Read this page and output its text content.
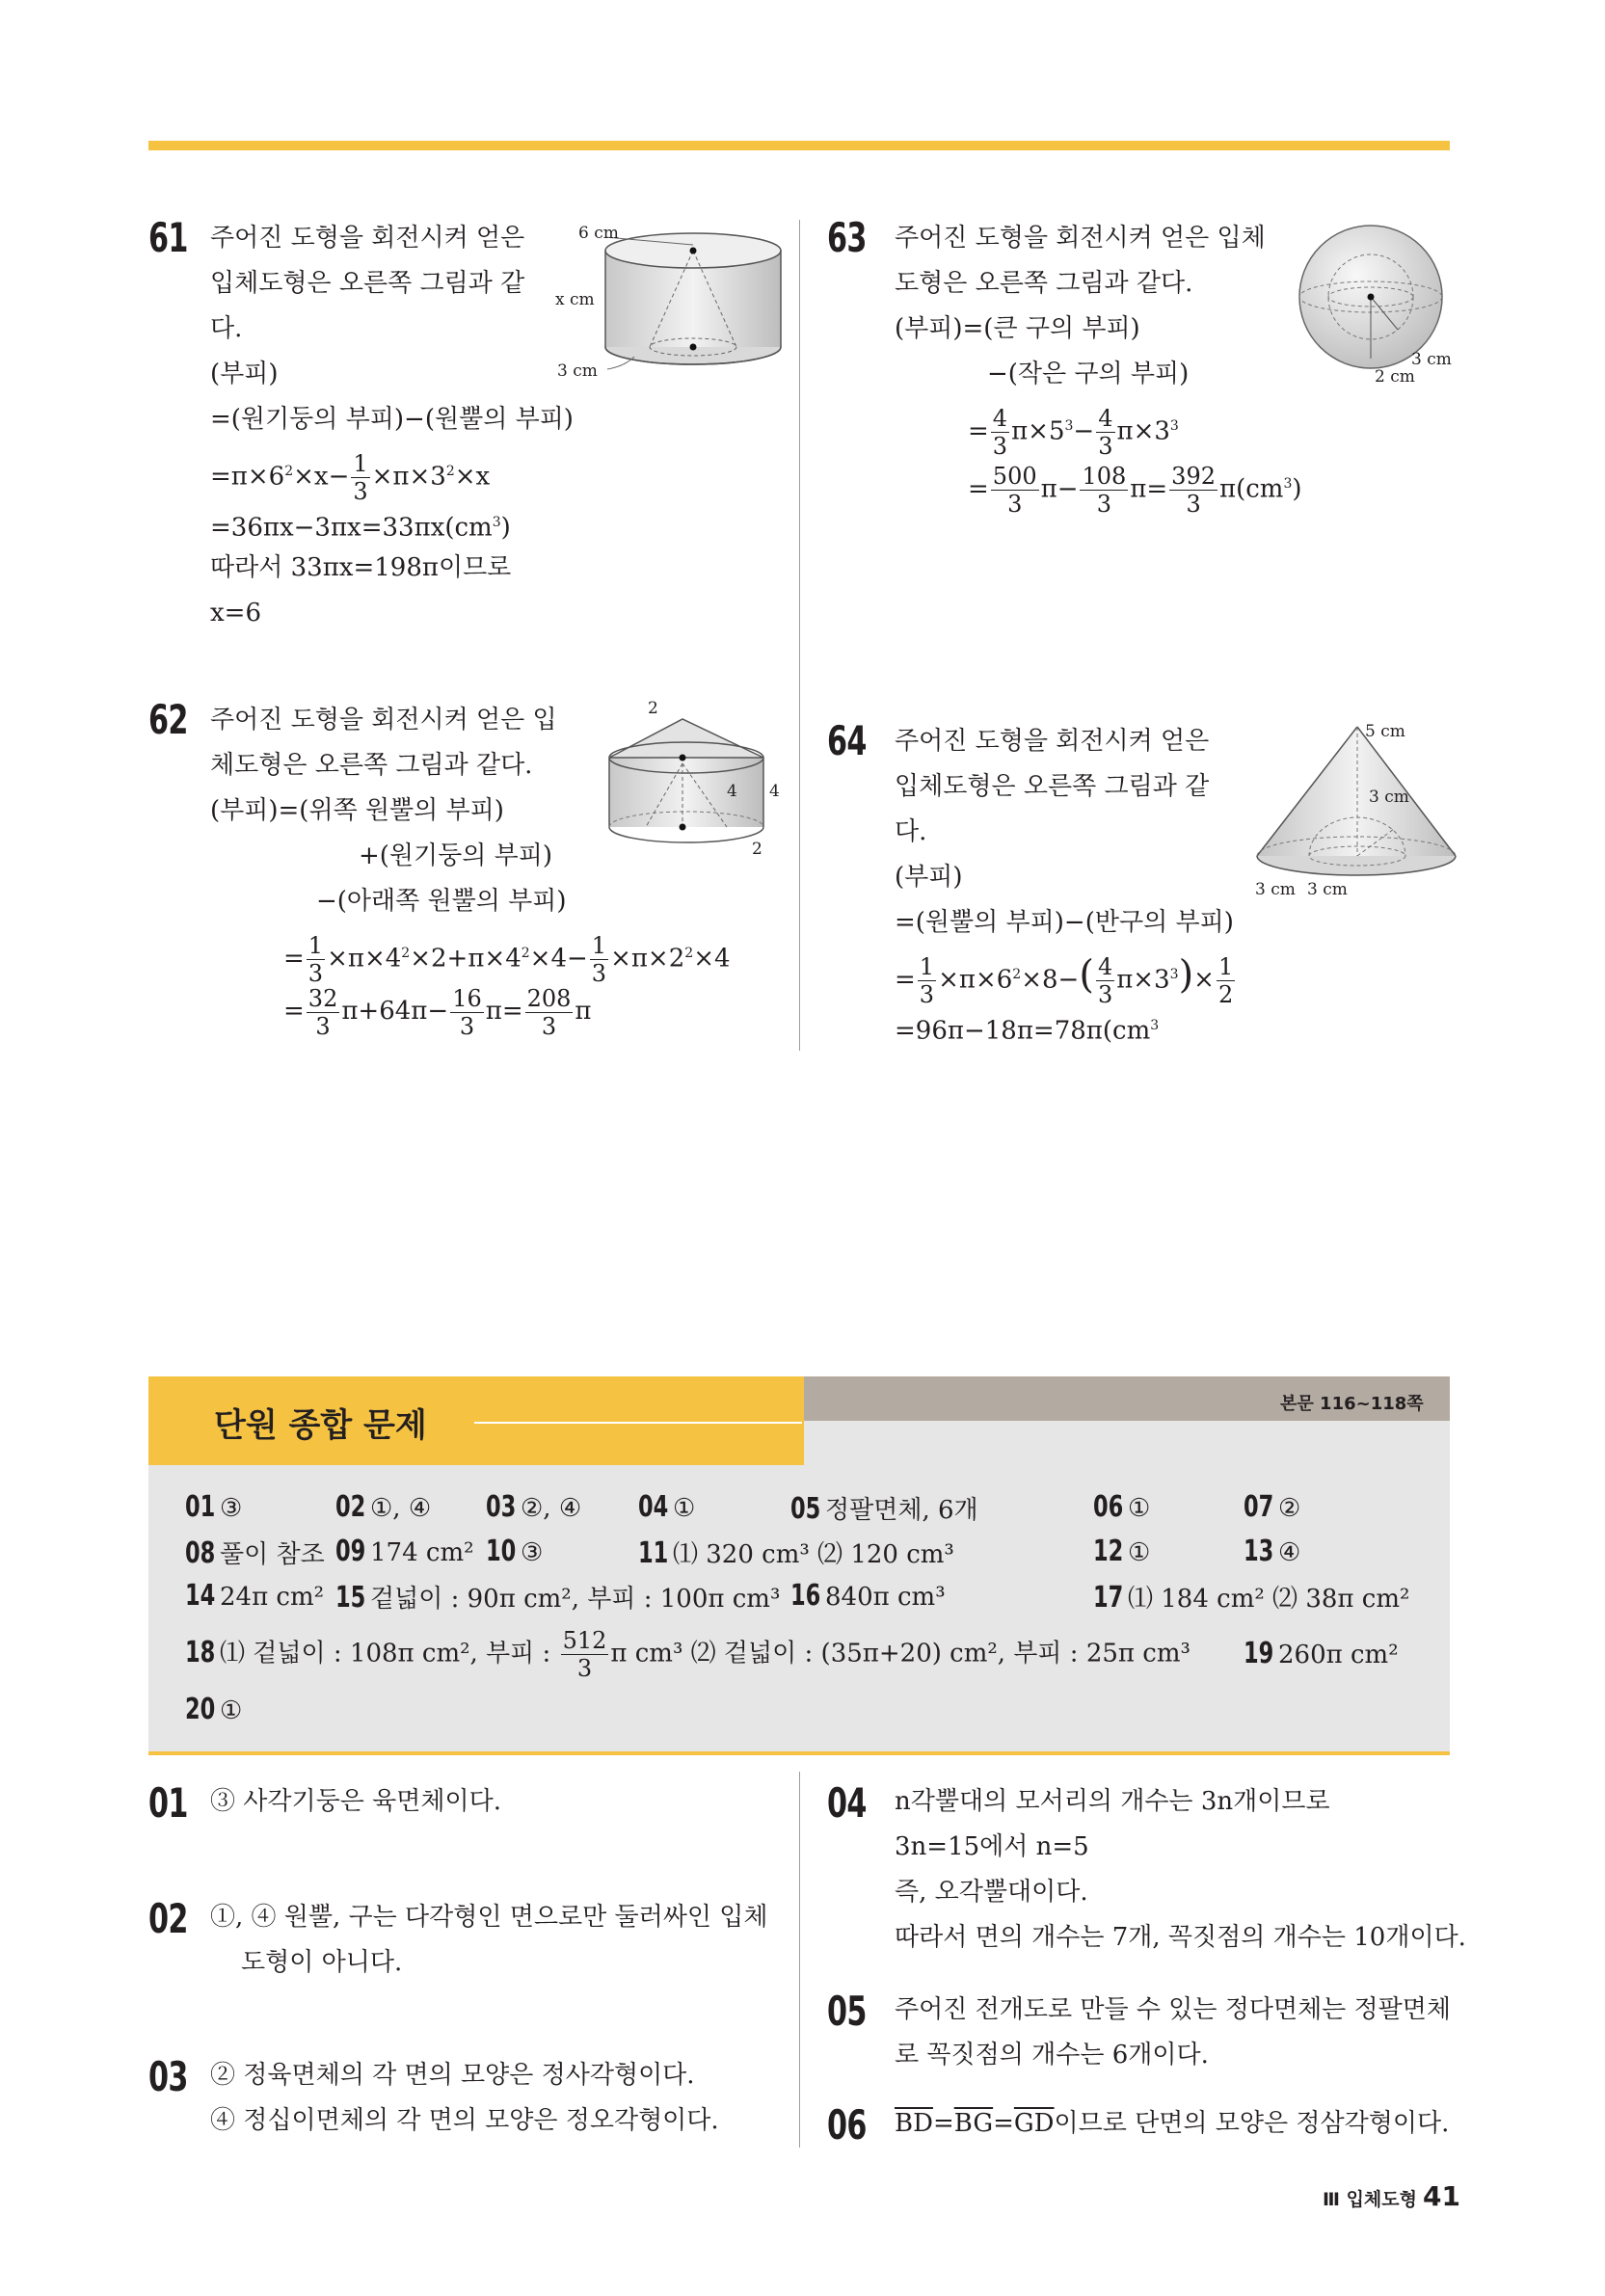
61 주어진 도형을 회전시켜 얻은
입체도형은 오른쪽 그림과 같
다.
(부피)
=(원기둥의 부피)−(원뿔의 부피)
$=\pi\times 6^2\times x- \frac{1}{3} \times\pi\times 3^2\times x$
$=36\pi x-3\pi x=33\pi x(cm^3)$
따라서 33πx=198π이므로
x=6
6 cm
x cm
3 cm
62 주어진 도형을 회전시켜 얻은 입
체도형은 오른쪽 그림과 같다.
(부피)=(위쪽 원뿔의 부피)
+(원기둥의 부피)
−(아래쪽 원뿔의 부피)
= $\frac{1}{3} \times\pi\times 4^2\times 2+\pi\times 4^2\times 4- \frac{1}{3} \times\pi\times 2^2\times 4$
= $\frac{32}{3} \pi+64\pi- \frac{16}{3} \pi= \frac{208}{3}$ π
2
4 4
2
63 주어진 도형을 회전시켜 얻은 입체
도형은 오른쪽 그림과 같다.
(부피)=(큰 구의 부피)
−(작은 구의 부피)
= $\frac{4}{3} \pi\times 5^3- \frac{4}{3} \pi\times 3^3$
= $\frac{500}{3} \pi- \frac{108}{3} \pi= \frac{392}{3} \pi(cm^3)$
3 cm
2 cm
64 주어진 도형을 회전시켜 얻은
입체도형은 오른쪽 그림과 같
다.
(부피)
=(원뿔의 부피)−(반구의 부피)
= $\frac{1}{3} \times\pi\times 6^2\times 8-( \frac{4}{3} \pi\times 3^3)\times \frac{1}{2}$
$=96\pi-18\pi=78\pi(cm^3$
5 cm
3 cm
3 cm 3 cm
단원 종합 문제
본문 116~118쪽
01 ③	02 ①, ④ 03 ②, ④ 04 ①	05 정팔면체, 6개	06 ①	07 ②
08 풀이 참조 09 174 cm² 10 ③	11 ⑴ 320 cm³ ⑵ 120 cm³	12 ①	13 ④
14 24π cm² 15 겉넓이 : 90π cm², 부피 : 100π cm³ 16 840π cm³	17 ⑴ 184 cm² ⑵ 38π cm²
18 ⑴ 겉넓이 : 108π cm², 부피 : $\frac{512}{3}$ π cm³ ⑵ 겉넓이 : (35π+20) cm², 부피 : 25π cm³ 19 260π cm²
20 ①
01 ③ 사각기둥은 육면체이다.
02 ①, ④ 원뿔, 구는 다각형인 면으로만 둘러싸인 입체
도형이 아니다.
03 ② 정육면체의 각 면의 모양은 정사각형이다.
④ 정십이면체의 각 면의 모양은 정오각형이다.
04 n각뿔대의 모서리의 개수는 3n개이므로
3n=15에서 n=5
즉, 오각뿔대이다.
따라서 면의 개수는 7개, 꼭짓점의 개수는 10개이다.
05 주어진 전개도로 만들 수 있는 정다면체는 정팔면체
로 꼭짓점의 개수는 6개이다.
06 $\overline{BD}=\overline{BG}=\overline{GD}$이므로 단면의 모양은 정삼각형이다.
Ⅲ 입체도형 41
